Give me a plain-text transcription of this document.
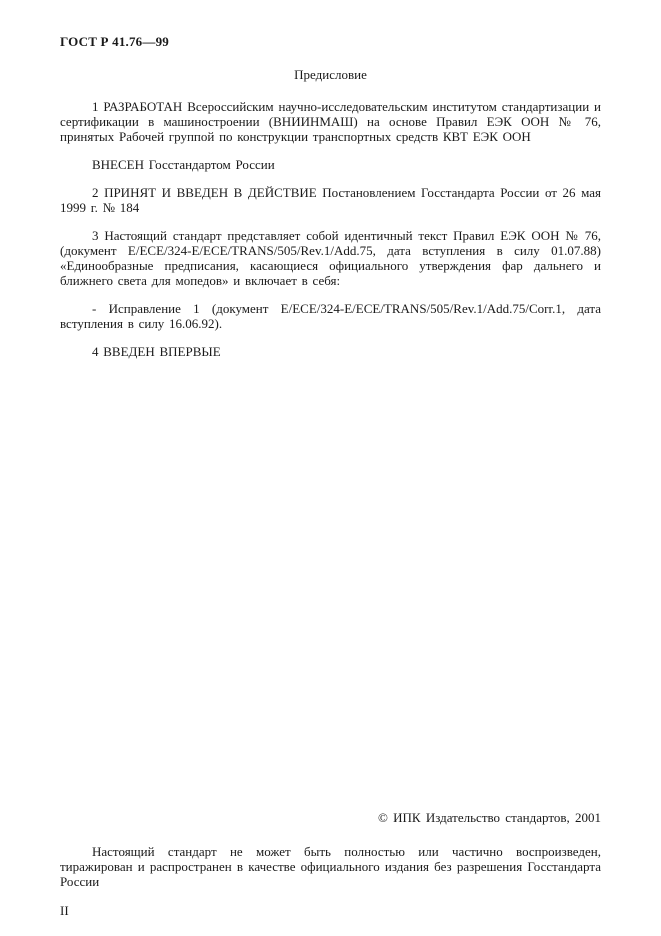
ГОСТ Р 41.76—99
Предисловие

1 РАЗРАБОТАН Всероссийским научно-исследовательским институтом стандартизации и сертификации в машиностроении (ВНИИНМАШ) на основе Правил ЕЭК ООН № 76, принятых Рабочей группой по конструкции транспортных средств КВТ ЕЭК ООН

ВНЕСЕН Госстандартом России

2 ПРИНЯТ И ВВЕДЕН В ДЕЙСТВИЕ Постановлением Госстандарта России от 26 мая 1999 г. № 184

3 Настоящий стандарт представляет собой идентичный текст Правил ЕЭК ООН № 76, (документ E/ECE/324-E/ECE/TRANS/505/Rev.1/Add.75, дата вступления в силу 01.07.88) «Единообразные предписания, касающиеся официального утверждения фар дальнего и ближнего света для мопедов» и включает в себя:

- Исправление 1 (документ E/ECE/324-E/ECE/TRANS/505/Rev.1/Add.75/Corr.1, дата вступления в силу 16.06.92).

4 ВВЕДЕН ВПЕРВЫЕ

© ИПК Издательство стандартов, 2001

Настоящий стандарт не может быть полностью или частично воспроизведен, тиражирован и распространен в качестве официального издания без разрешения Госстандарта России

II
